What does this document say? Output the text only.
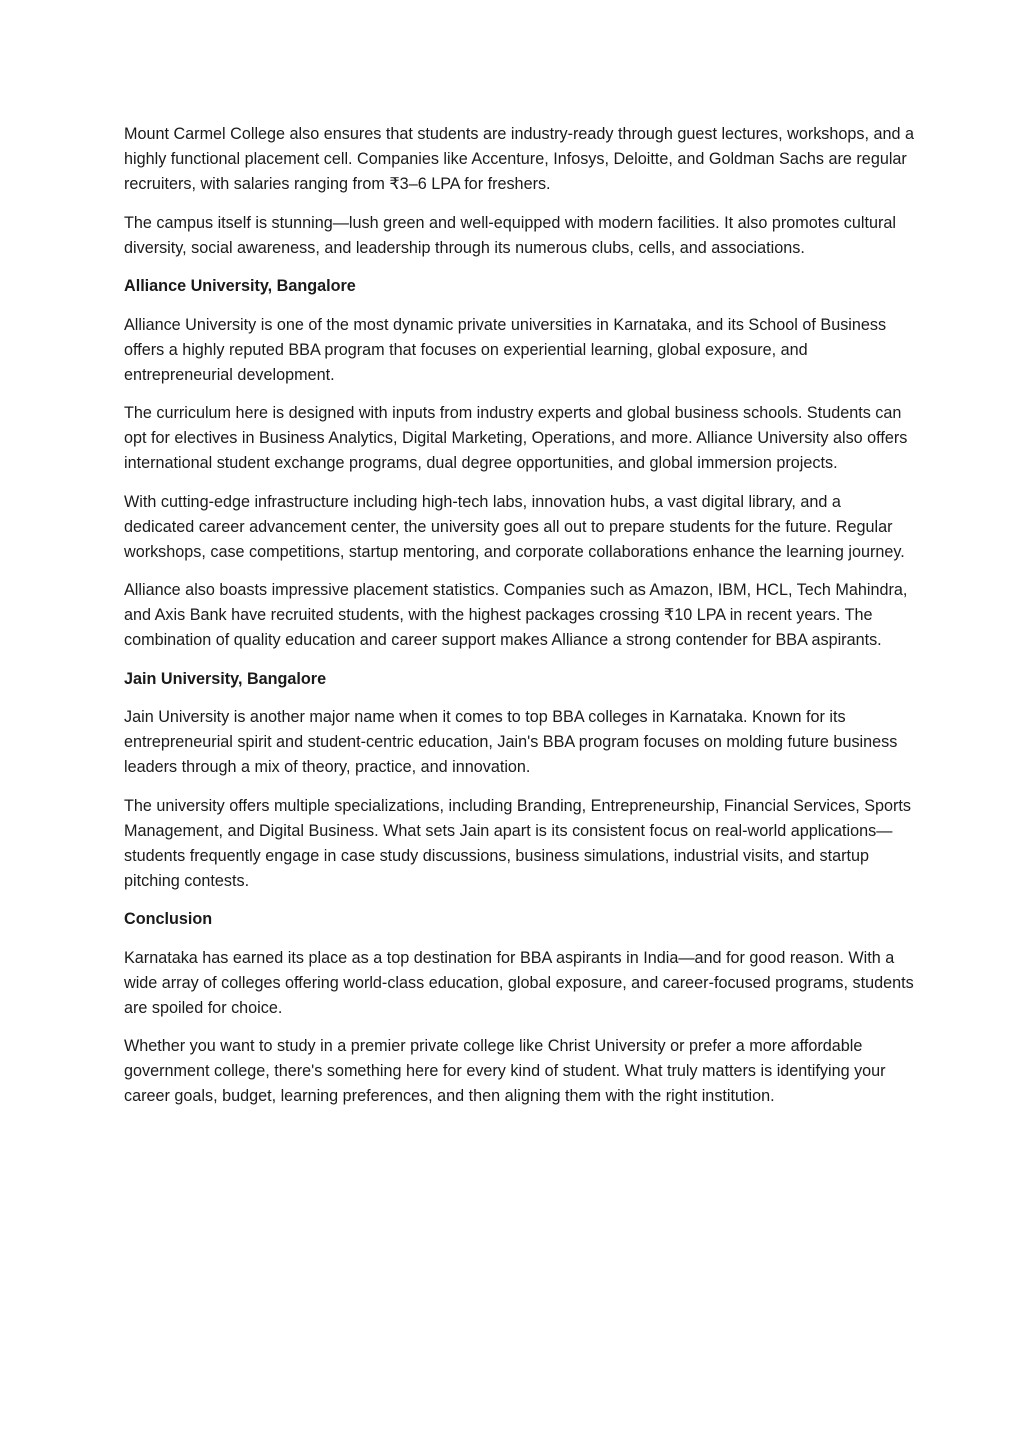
Mount Carmel College also ensures that students are industry-ready through guest lectures, workshops, and a highly functional placement cell. Companies like Accenture, Infosys, Deloitte, and Goldman Sachs are regular recruiters, with salaries ranging from ₹3–6 LPA for freshers.

The campus itself is stunning—lush green and well-equipped with modern facilities. It also promotes cultural diversity, social awareness, and leadership through its numerous clubs, cells, and associations.

Alliance University, Bangalore

Alliance University is one of the most dynamic private universities in Karnataka, and its School of Business offers a highly reputed BBA program that focuses on experiential learning, global exposure, and entrepreneurial development.

The curriculum here is designed with inputs from industry experts and global business schools. Students can opt for electives in Business Analytics, Digital Marketing, Operations, and more. Alliance University also offers international student exchange programs, dual degree opportunities, and global immersion projects.

With cutting-edge infrastructure including high-tech labs, innovation hubs, a vast digital library, and a dedicated career advancement center, the university goes all out to prepare students for the future. Regular workshops, case competitions, startup mentoring, and corporate collaborations enhance the learning journey.

Alliance also boasts impressive placement statistics. Companies such as Amazon, IBM, HCL, Tech Mahindra, and Axis Bank have recruited students, with the highest packages crossing ₹10 LPA in recent years. The combination of quality education and career support makes Alliance a strong contender for BBA aspirants.

Jain University, Bangalore

Jain University is another major name when it comes to top BBA colleges in Karnataka. Known for its entrepreneurial spirit and student-centric education, Jain's BBA program focuses on molding future business leaders through a mix of theory, practice, and innovation.

The university offers multiple specializations, including Branding, Entrepreneurship, Financial Services, Sports Management, and Digital Business. What sets Jain apart is its consistent focus on real-world applications—students frequently engage in case study discussions, business simulations, industrial visits, and startup pitching contests.

Conclusion

Karnataka has earned its place as a top destination for BBA aspirants in India—and for good reason. With a wide array of colleges offering world-class education, global exposure, and career-focused programs, students are spoiled for choice.

Whether you want to study in a premier private college like Christ University or prefer a more affordable government college, there's something here for every kind of student. What truly matters is identifying your career goals, budget, learning preferences, and then aligning them with the right institution.
